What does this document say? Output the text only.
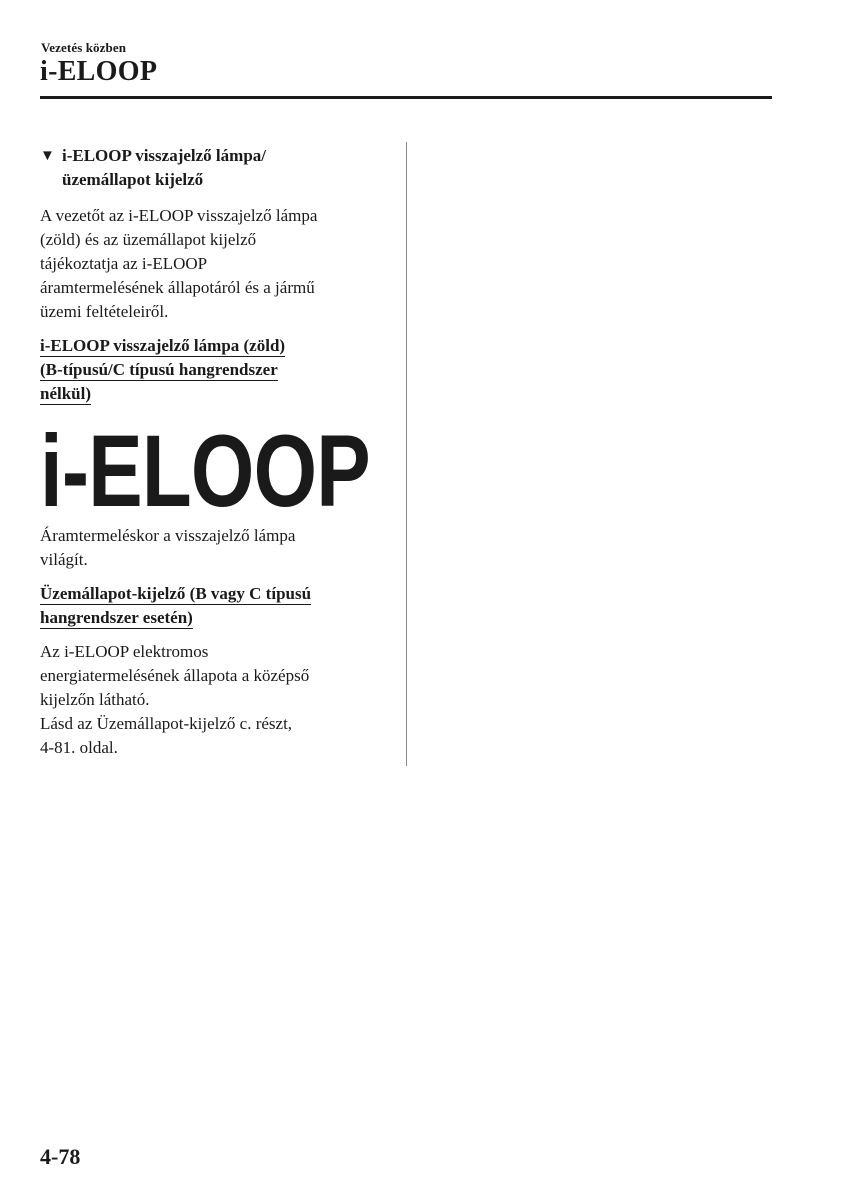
Vezetés közben
i-ELOOP
▼ i-ELOOP visszajelző lámpa/
üzemállapot kijelző

A vezetőt az i-ELOOP visszajelző lámpa
(zöld) és az üzemállapot kijelző
tájékoztatja az i-ELOOP
áramtermelésének állapotáról és a jármű
üzemi feltételeiről.

i-ELOOP visszajelző lámpa (zöld)
(B-típusú/C típusú hangrendszer
nélkül)
i-ELOOP

Áramtermeléskor a visszajelző lámpa
világít.

Üzemállapot-kijelző (B vagy C típusú
hangrendszer esetén)

Az i-ELOOP elektromos
energiatermelésének állapota a középső
kijelzőn látható.
Lásd az Üzemállapot-kijelző c. részt,
4-81. oldal.

4-78
